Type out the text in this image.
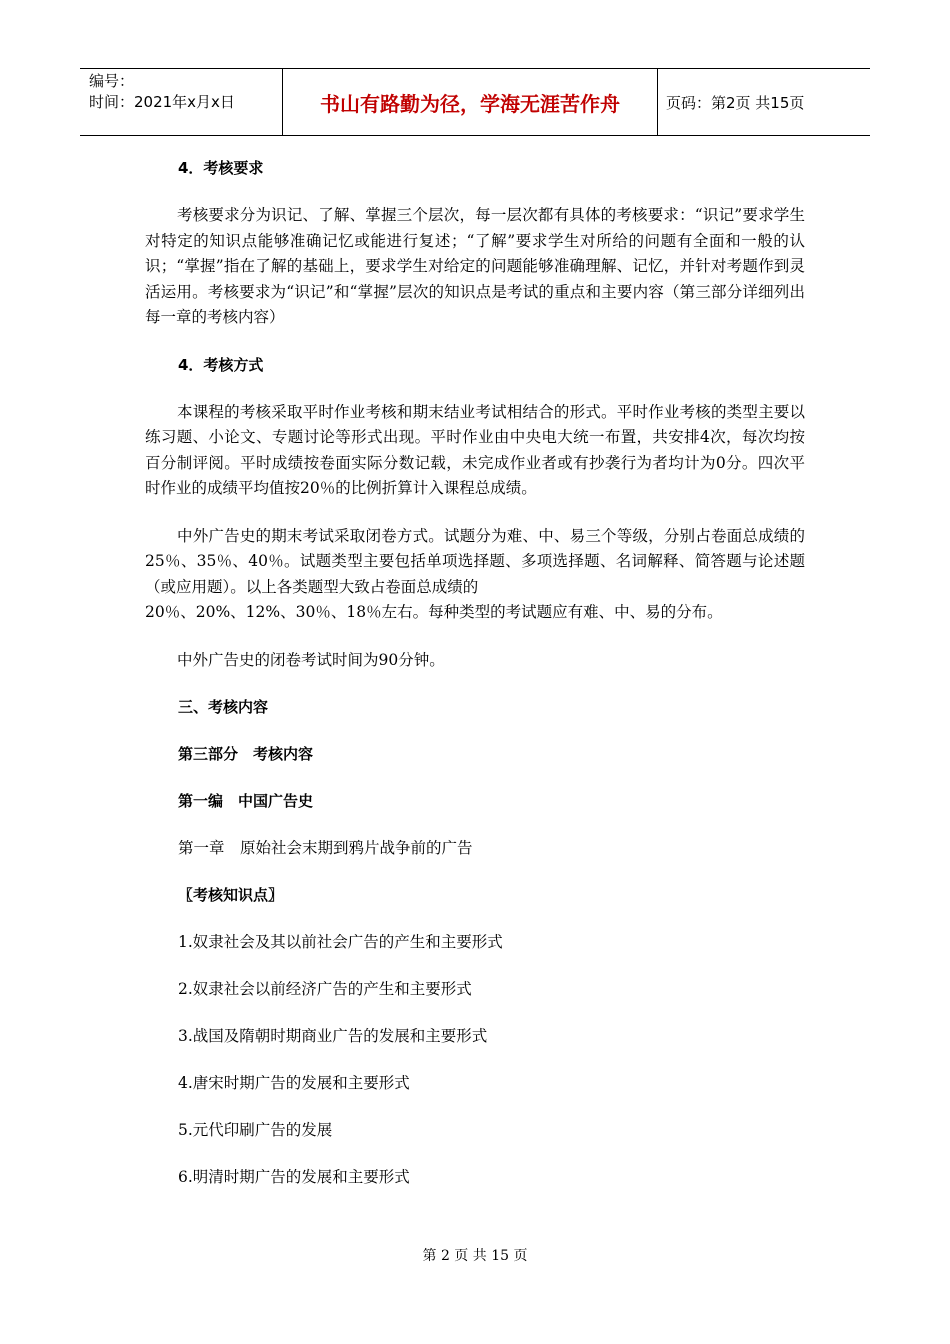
编号：
时间：2021年x月x日	书山有路勤为径，学海无涯苦作舟	页码：第2页 共15页

4．考核要求

考核要求分为识记、了解、掌握三个层次，每一层次都有具体的考核要求：“识记”要求学生对特定的知识点能够准确记忆或能进行复述；“了解”要求学生对所给的问题有全面和一般的认识；“掌握”指在了解的基础上，要求学生对给定的问题能够准确理解、记忆，并针对考题作到灵活运用。考核要求为“识记”和“掌握”层次的知识点是考试的重点和主要内容（第三部分详细列出每一章的考核内容）

4．考核方式

本课程的考核采取平时作业考核和期末结业考试相结合的形式。平时作业考核的类型主要以练习题、小论文、专题讨论等形式出现。平时作业由中央电大统一布置，共安排4次，每次均按百分制评阅。平时成绩按卷面实际分数记载，未完成作业者或有抄袭行为者均计为0分。四次平时作业的成绩平均值按20％的比例折算计入课程总成绩。

中外广告史的期末考试采取闭卷方式。试题分为难、中、易三个等级，分别占卷面总成绩的25％、35％、40％。试题类型主要包括单项选择题、多项选择题、名词解释、简答题与论述题（或应用题）。以上各类题型大致占卷面总成绩的

20％、20%、12%、30％、18％左右。每种类型的考试题应有难、中、易的分布。

中外广告史的闭卷考试时间为90分钟。

三、考核内容

第三部分　考核内容

第一编　中国广告史

第一章　原始社会末期到鸦片战争前的广告

〖考核知识点〗

1.奴隶社会及其以前社会广告的产生和主要形式

2.奴隶社会以前经济广告的产生和主要形式

3.战国及隋朝时期商业广告的发展和主要形式

4.唐宋时期广告的发展和主要形式

5.元代印刷广告的发展

6.明清时期广告的发展和主要形式

第 2 页 共 15 页
